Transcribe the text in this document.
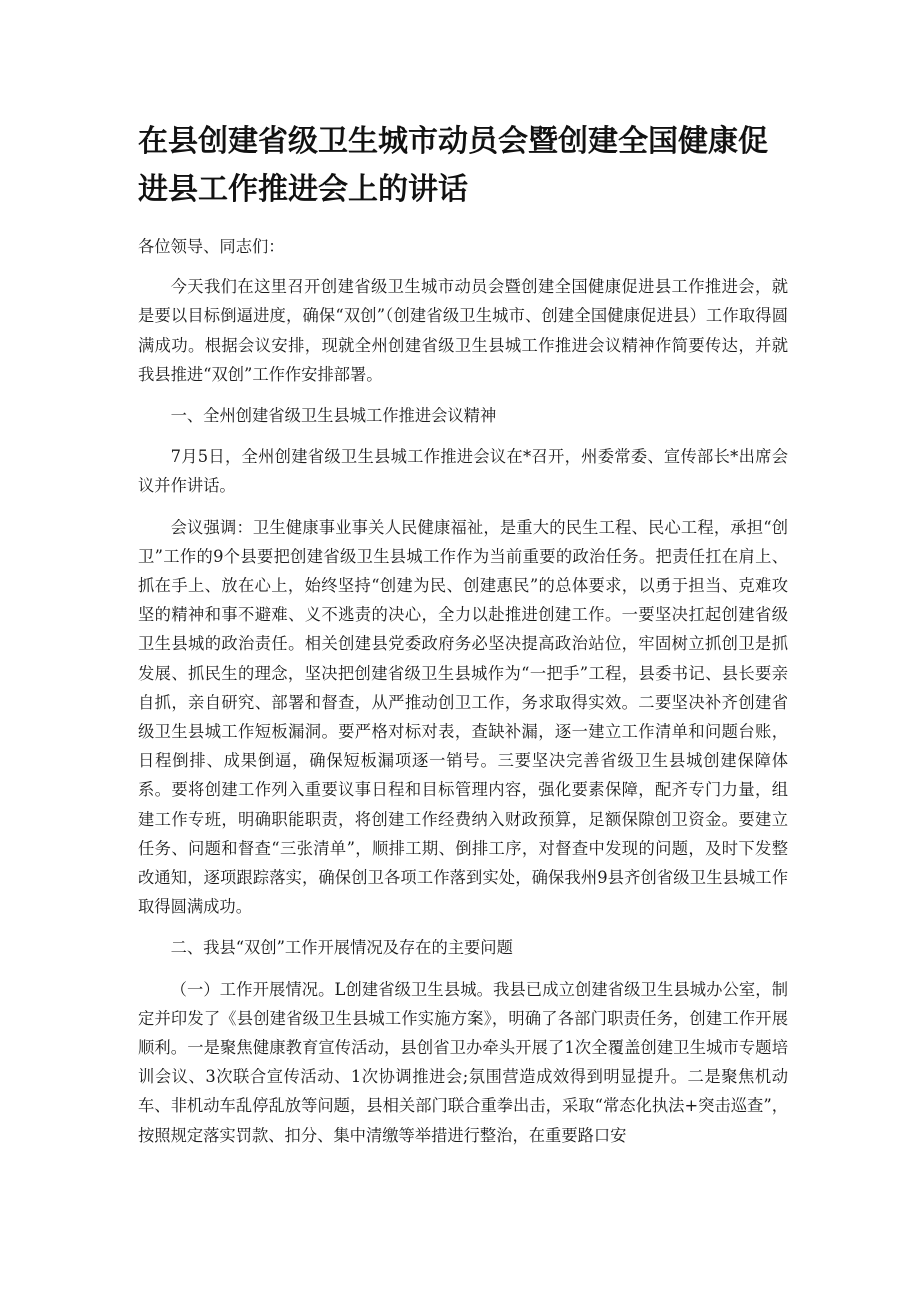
在县创建省级卫生城市动员会暨创建全国健康促进县工作推进会上的讲话

各位领导、同志们：

今天我们在这里召开创建省级卫生城市动员会暨创建全国健康促进县工作推进会，就是要以目标倒逼进度，确保“双创”（创建省级卫生城市、创建全国健康促进县）工作取得圆满成功。根据会议安排，现就全州创建省级卫生县城工作推进会议精神作简要传达，并就我县推进“双创”工作作安排部署。

一、全州创建省级卫生县城工作推进会议精神

7月5日，全州创建省级卫生县城工作推进会议在*召开，州委常委、宣传部长*出席会议并作讲话。

会议强调：卫生健康事业事关人民健康福祉，是重大的民生工程、民心工程，承担“创卫”工作的9个县要把创建省级卫生县城工作作为当前重要的政治任务。把责任扛在肩上、抓在手上、放在心上，始终坚持“创建为民、创建惠民”的总体要求，以勇于担当、克难攻坚的精神和事不避难、义不逃责的决心，全力以赴推进创建工作。一要坚决扛起创建省级卫生县城的政治责任。相关创建县党委政府务必坚决提高政治站位，牢固树立抓创卫是抓发展、抓民生的理念，坚决把创建省级卫生县城作为“一把手”工程，县委书记、县长要亲自抓，亲自研究、部署和督查，从严推动创卫工作，务求取得实效。二要坚决补齐创建省级卫生县城工作短板漏洞。要严格对标对表，查缺补漏，逐一建立工作清单和问题台账，日程倒排、成果倒逼，确保短板漏项逐一销号。三要坚决完善省级卫生县城创建保障体系。要将创建工作列入重要议事日程和目标管理内容，强化要素保障，配齐专门力量，组建工作专班，明确职能职责，将创建工作经费纳入财政预算，足额保隙创卫资金。要建立任务、问题和督查“三张清单”，顺排工期、倒排工序，对督查中发现的问题，及时下发整改通知，逐项跟踪落实，确保创卫各项工作落到实处，确保我州9县齐创省级卫生县城工作取得圆满成功。

二、我县“双创”工作开展情况及存在的主要问题

（一）工作开展情况。L创建省级卫生县城。我县已成立创建省级卫生县城办公室，制定并印发了《县创建省级卫生县城工作实施方案》，明确了各部门职责任务，创建工作开展顺利。一是聚焦健康教育宣传活动，县创省卫办牵头开展了1次全覆盖创建卫生城市专题培训会议、3次联合宣传活动、1次协调推进会;氛围营造成效得到明显提升。二是聚焦机动车、非机动车乱停乱放等问题，县相关部门联合重拳出击，采取“常态化执法+突击巡查”，按照规定落实罚款、扣分、集中清缴等举措进行整治，在重要路口安
